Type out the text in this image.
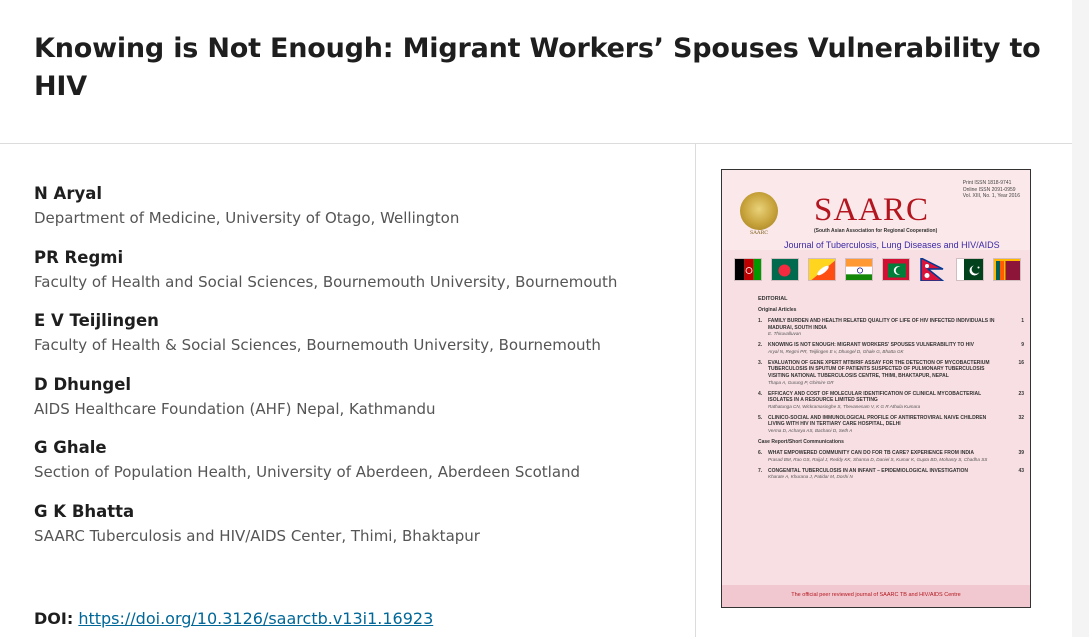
Knowing is Not Enough: Migrant Workers’ Spouses Vulnerability to HIV
N Aryal
Department of Medicine, University of Otago, Wellington
PR Regmi
Faculty of Health and Social Sciences, Bournemouth University, Bournemouth
E V Teijlingen
Faculty of Health & Social Sciences, Bournemouth University, Bournemouth
D Dhungel
AIDS Healthcare Foundation (AHF) Nepal, Kathmandu
G Ghale
Section of Population Health, University of Aberdeen, Aberdeen Scotland
G K Bhatta
SAARC Tuberculosis and HIV/AIDS Center, Thimi, Bhaktapur
DOI: https://doi.org/10.3126/saarctb.v13i1.16923
SAARC
Print ISSN 1818-9741
Online ISSN 2091-0959
Vol. XIII, No. 1, Year 2016
SAARC
(South Asian Association for Regional Cooperation)
Journal of Tuberculosis, Lung Diseases and HIV/AIDS
EDITORIAL
Original Articles
1. FAMILY BURDEN AND HEALTH RELATED QUALITY OF LIFE OF HIV INFECTED INDIVIDUALS IN MADURAI, SOUTH INDIA
E. Thiruvalluvan
1
2. KNOWING IS NOT ENOUGH: MIGRANT WORKERS' SPOUSES VULNERABILITY TO HIV
Aryal N, Regmi PR, Teijlingen E v, Dhungel D, Ghale G, Bhatta GK
9
3. EVALUATION OF GENE XPERT MTB/RIF ASSAY FOR THE DETECTION OF MYCOBACTERIUM TUBERCULOSIS IN SPUTUM OF PATIENTS SUSPECTED OF PULMONARY TUBERCULOSIS VISITING NATIONAL TUBERCULOSIS CENTRE, THIMI, BHAKTAPUR, NEPAL
Thapa A, Gurung P, Ghimire GR
16
4. EFFICACY AND COST OF MOLECULAR IDENTIFICATION OF CLINICAL MYCOBACTERIAL ISOLATES IN A RESOURCE LIMITED SETTING
Rathatunga CN, Wickramasinghe S, Thevanesam V, K G R Athula Kumara
23
5. CLINICO-SOCIAL AND IMMUNOLOGICAL PROFILE OF ANTIRETROVIRAL NAIVE CHILDREN LIVING WITH HIV IN TERTIARY CARE HOSPITAL, DELHI
Verma D, Acharya AS, Bachani D, Seth A
32
Case Report/Short Communications
6. WHAT EMPOWERED COMMUNITY CAN DO FOR TB CARE? EXPERIENCE FROM INDIA
Prasad BM, Rao GS, Raijal J, Reddy KK, Sharma D, Daniel S, Kumar K, Gupta BD, Mohanty S, Chadha SS
39
7. CONGENITAL TUBERCULOSIS IN AN INFANT – EPIDEMIOLOGICAL INVESTIGATION
Kharate A, Khurana J, Patidar M, Doshi N
43
The official peer reviewed journal of SAARC TB and HIV/AIDS Centre
